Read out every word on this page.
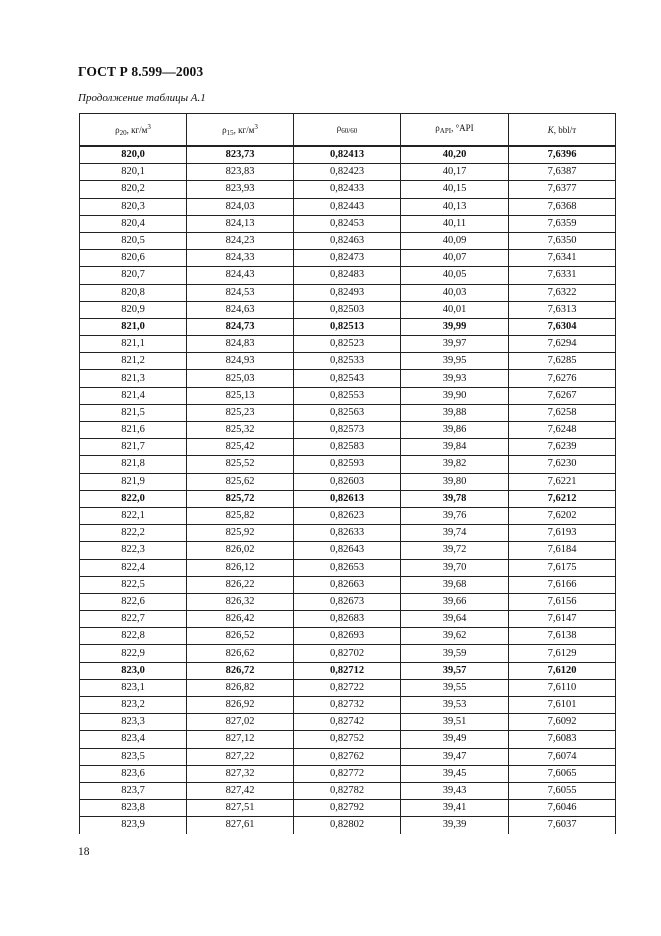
ГОСТ Р 8.599—2003
Продолжение таблицы А.1
$\rho_{20}$, $кг/м^3$	$\rho_{15}$, $кг/м^3$	$\rho_{60/60}$	$\rho_{API}$, °API	K, bbl/т
820,0	823,73	0,82413	40,20	7,6396
820,1	823,83	0,82423	40,17	7,6387
820,2	823,93	0,82433	40,15	7,6377
820,3	824,03	0,82443	40,13	7,6368
820,4	824,13	0,82453	40,11	7,6359
820,5	824,23	0,82463	40,09	7,6350
820,6	824,33	0,82473	40,07	7,6341
820,7	824,43	0,82483	40,05	7,6331
820,8	824,53	0,82493	40,03	7,6322
820,9	824,63	0,82503	40,01	7,6313
821,0	824,73	0,82513	39,99	7,6304
821,1	824,83	0,82523	39,97	7,6294
821,2	824,93	0,82533	39,95	7,6285
821,3	825,03	0,82543	39,93	7,6276
821,4	825,13	0,82553	39,90	7,6267
821,5	825,23	0,82563	39,88	7,6258
821,6	825,32	0,82573	39,86	7,6248
821,7	825,42	0,82583	39,84	7,6239
821,8	825,52	0,82593	39,82	7,6230
821,9	825,62	0,82603	39,80	7,6221
822,0	825,72	0,82613	39,78	7,6212
822,1	825,82	0,82623	39,76	7,6202
822,2	825,92	0,82633	39,74	7,6193
822,3	826,02	0,82643	39,72	7,6184
822,4	826,12	0,82653	39,70	7,6175
822,5	826,22	0,82663	39,68	7,6166
822,6	826,32	0,82673	39,66	7,6156
822,7	826,42	0,82683	39,64	7,6147
822,8	826,52	0,82693	39,62	7,6138
822,9	826,62	0,82702	39,59	7,6129
823,0	826,72	0,82712	39,57	7,6120
823,1	826,82	0,82722	39,55	7,6110
823,2	826,92	0,82732	39,53	7,6101
823,3	827,02	0,82742	39,51	7,6092
823,4	827,12	0,82752	39,49	7,6083
823,5	827,22	0,82762	39,47	7,6074
823,6	827,32	0,82772	39,45	7,6065
823,7	827,42	0,82782	39,43	7,6055
823,8	827,51	0,82792	39,41	7,6046
823,9	827,61	0,82802	39,39	7,6037
18
